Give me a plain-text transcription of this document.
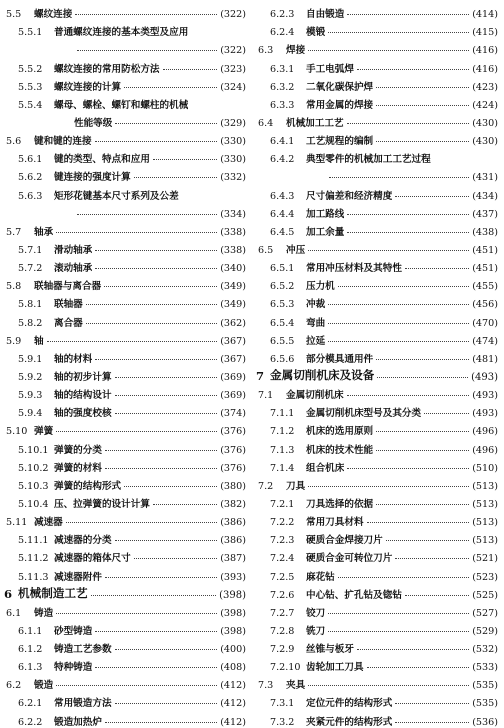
5.5	螺纹连接	(322)
5.5.1	普通螺纹连接的基本类型及应用
(322)
5.5.2	螺纹连接的常用防松方法	(323)
5.5.3	螺纹连接的计算	(324)
5.5.4	螺母、螺栓、螺钉和螺柱的机械
性能等级	(329)
5.6	键和键的连接	(330)
5.6.1	键的类型、特点和应用	(330)
5.6.2	键连接的强度计算	(332)
5.6.3	矩形花键基本尺寸系列及公差
(334)
5.7	轴承	(338)
5.7.1	滑动轴承	(338)
5.7.2	滚动轴承	(340)
5.8	联轴器与离合器	(349)
5.8.1	联轴器	(349)
5.8.2	离合器	(362)
5.9	轴	(367)
5.9.1	轴的材料	(367)
5.9.2	轴的初步计算	(369)
5.9.3	轴的结构设计	(369)
5.9.4	轴的强度校核	(374)
5.10 弹簧	(376)
5.10.1 弹簧的分类	(376)
5.10.2 弹簧的材料	(376)
5.10.3 弹簧的结构形式	(380)
5.10.4 压、拉弹簧的设计计算	(382)
5.11 减速器	(386)
5.11.1 减速器的分类	(386)
5.11.2 减速器的箱体尺寸	(387)
5.11.3 减速器附件	(393)
6 机械制造工艺	(398)
6.1	铸造	(398)
6.1.1	砂型铸造	(398)
6.1.2	铸造工艺参数	(400)
6.1.3	特种铸造	(408)
6.2	锻造	(412)
6.2.1	常用锻造方法	(412)
6.2.2	锻造加热炉	(412)
6.2.3	自由锻造	(414)
6.2.4	模锻	(415)
6.3	焊接	(416)
6.3.1	手工电弧焊	(416)
6.3.2	二氧化碳保护焊	(423)
6.3.3	常用金属的焊接	(424)
6.4	机械加工工艺	(430)
6.4.1	工艺规程的编制	(430)
6.4.2	典型零件的机械加工工艺过程
(431)
6.4.3	尺寸偏差和经济精度	(434)
6.4.4	加工路线	(437)
6.4.5	加工余量	(438)
6.5	冲压	(451)
6.5.1	常用冲压材料及其特性	(451)
6.5.2	压力机	(455)
6.5.3	冲裁	(456)
6.5.4	弯曲	(470)
6.5.5	拉延	(474)
6.5.6	部分模具通用件	(481)
7 金属切削机床及设备	(493)
7.1	金属切削机床	(493)
7.1.1	金属切削机床型号及其分类	(493)
7.1.2	机床的选用原则	(496)
7.1.3	机床的技术性能	(496)
7.1.4	组合机床	(510)
7.2	刀具	(513)
7.2.1	刀具选择的依据	(513)
7.2.2	常用刀具材料	(513)
7.2.3	硬质合金焊接刀片	(513)
7.2.4	硬质合金可转位刀片	(521)
7.2.5	麻花钻	(523)
7.2.6	中心钻、扩孔钻及锪钻	(525)
7.2.7	铰刀	(527)
7.2.8	铣刀	(529)
7.2.9	丝锥与板牙	(532)
7.2.10 齿轮加工刀具	(533)
7.3	夹具	(535)
7.3.1	定位元件的结构形式	(535)
7.3.2	夹紧元件的结构形式	(536)
